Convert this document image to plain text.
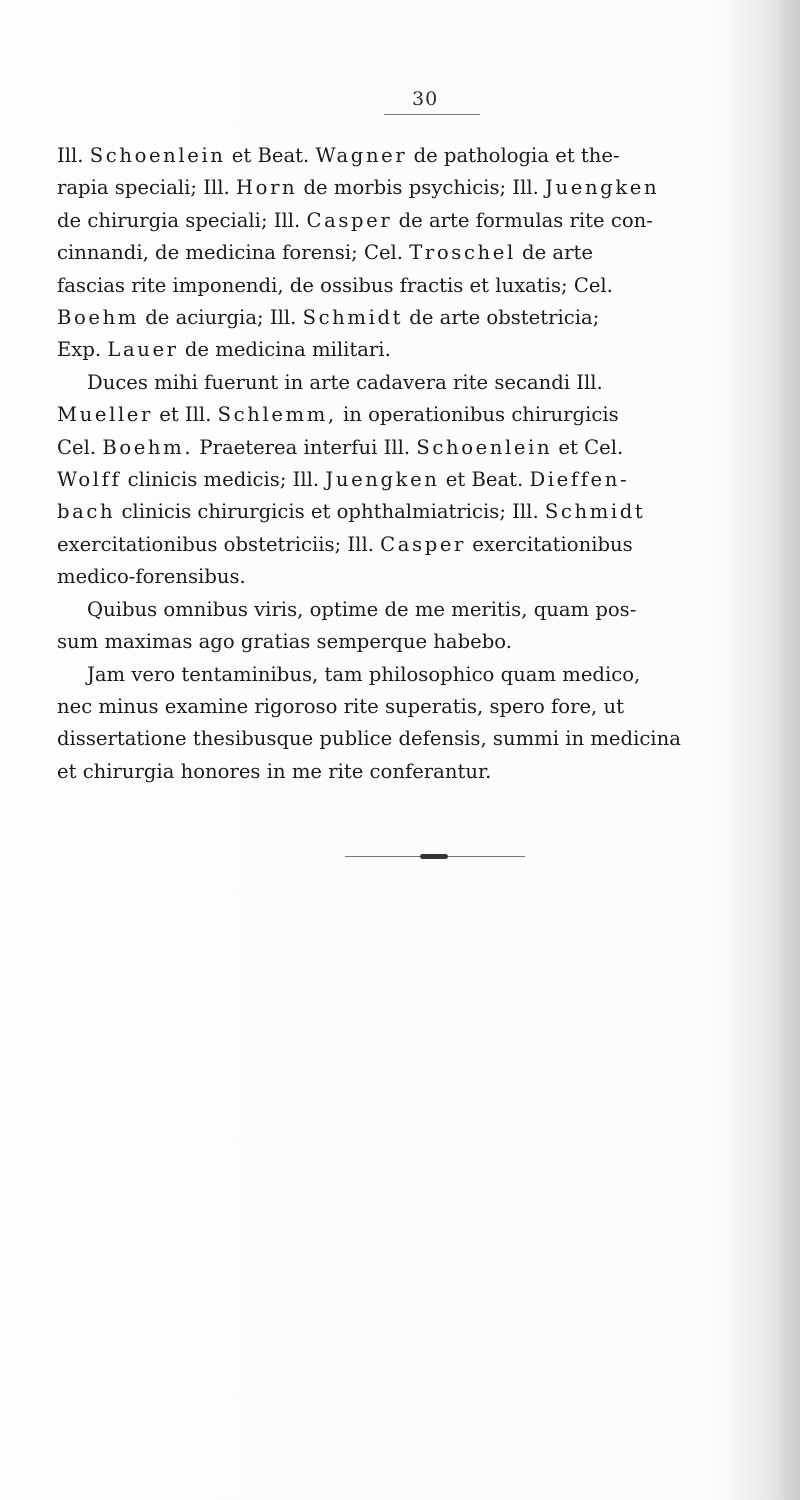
30

Ill. Schoenlein et Beat. Wagner de pathologia et the-

rapia speciali; Ill. Horn de morbis psychicis; Ill. Juengken

de chirurgia speciali; Ill. Casper de arte formulas rite con-

cinnandi, de medicina forensi; Cel. Troschel de arte

fascias rite imponendi, de ossibus fractis et luxatis; Cel.

Boehm de aciurgia; Ill. Schmidt de arte obstetricia;

Exp. Lauer de medicina militari.

Duces mihi fuerunt in arte cadavera rite secandi Ill.

Mueller et Ill. Schlemm, in operationibus chirurgicis

Cel. Boehm. Praeterea interfui Ill. Schoenlein et Cel.

Wolff clinicis medicis; Ill. Juengken et Beat. Dieffen-

bach clinicis chirurgicis et ophthalmiatricis; Ill. Schmidt

exercitationibus obstetriciis; Ill. Casper exercitationibus

medico-forensibus.

Quibus omnibus viris, optime de me meritis, quam pos-

sum maximas ago gratias semperque habebo.

Jam vero tentaminibus, tam philosophico quam medico,

nec minus examine rigoroso rite superatis, spero fore, ut

dissertatione thesibusque publice defensis, summi in medicina

et chirurgia honores in me rite conferantur.
